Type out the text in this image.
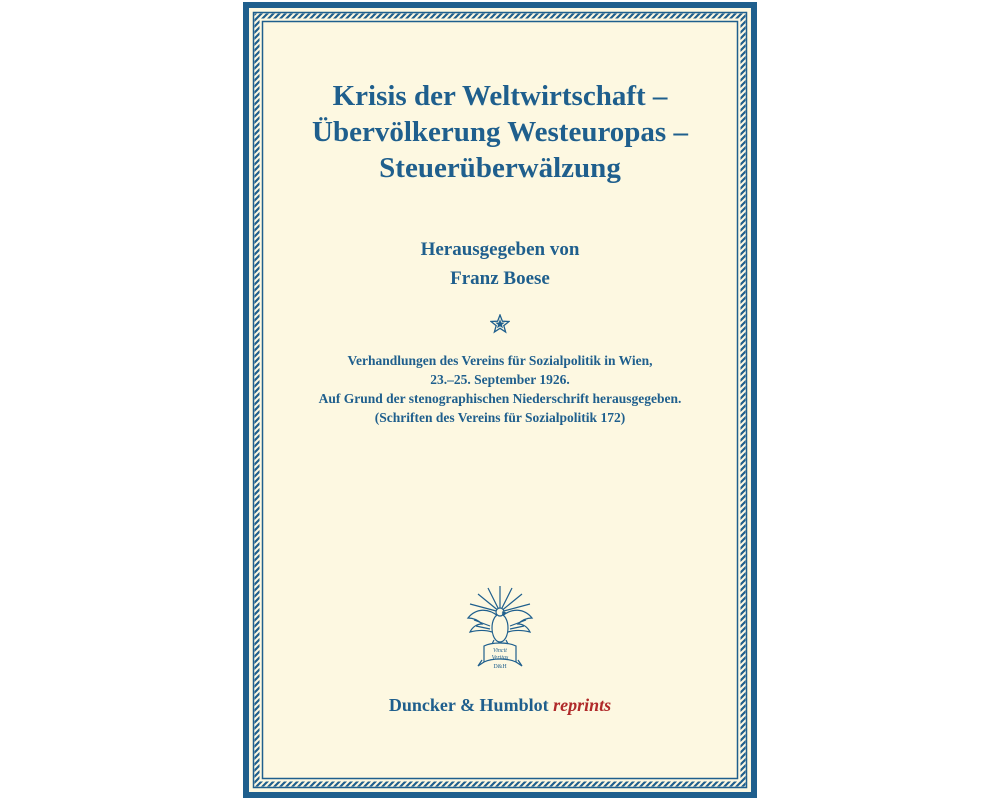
Krisis der Weltwirtschaft –
Übervölkerung Westeuropas –
Steuerüberwälzung
Herausgegeben von
Franz Boese
Verhandlungen des Vereins für Sozialpolitik in Wien,
23.–25. September 1926.
Auf Grund der stenographischen Niederschrift herausgegeben.
(Schriften des Vereins für Sozialpolitik 172)
Vincit
Veritas
D&H
Duncker & Humblot reprints
